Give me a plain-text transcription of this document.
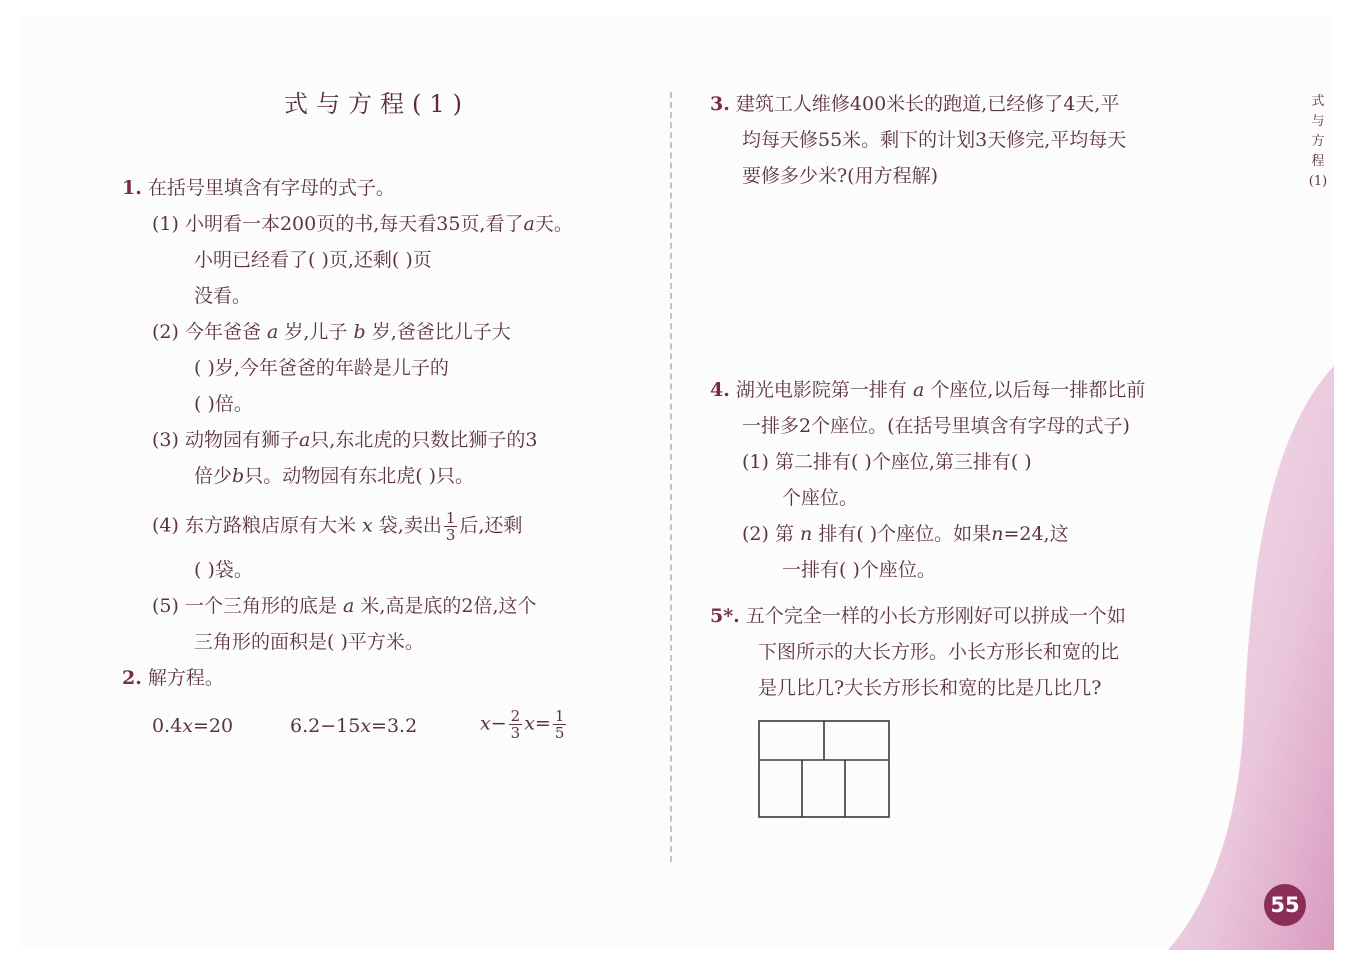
式与方程(1)
1. 在括号里填含有字母的式子。
(1) 小明看一本200页的书,每天看35页,看了a天。
小明已经看了( )页,还剩( )页
没看。
(2) 今年爸爸 a 岁,儿子 b 岁,爸爸比儿子大
( )岁,今年爸爸的年龄是儿子的
( )倍。
(3) 动物园有狮子a只,东北虎的只数比狮子的3
倍少b只。动物园有东北虎( )只。
(4) 东方路粮店原有大米 x 袋,卖出 $\frac{1}{3}$ 后,还剩
( )袋。
(5) 一个三角形的底是 a 米,高是底的2倍,这个
三角形的面积是( )平方米。
2. 解方程。
0.4x=20	6.2−15x=3.2	$x- \frac{2}{3} x= \frac{1}{5}$
3. 建筑工人维修400米长的跑道,已经修了4天,平
均每天修55米。剩下的计划3天修完,平均每天
要修多少米?(用方程解)
4. 湖光电影院第一排有 a 个座位,以后每一排都比前
一排多2个座位。(在括号里填含有字母的式子)
(1) 第二排有( )个座位,第三排有( )
个座位。
(2) 第 n 排有( )个座位。如果n=24,这
一排有( )个座位。
5*. 五个完全一样的小长方形刚好可以拼成一个如
下图所示的大长方形。小长方形长和宽的比
是几比几?大长方形长和宽的比是几比几?
式与方程(1)
55
